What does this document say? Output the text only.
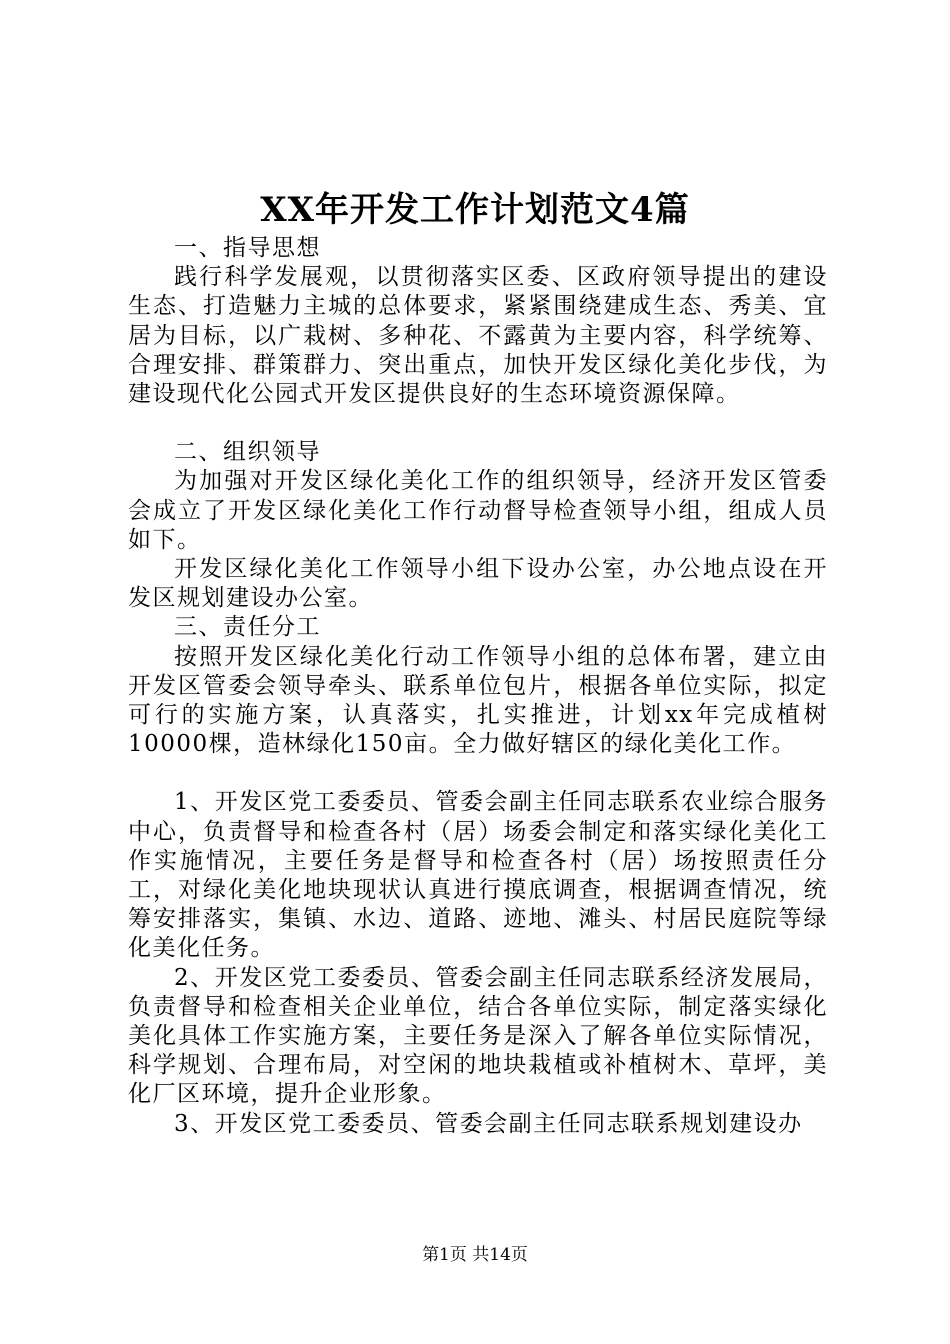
XX年开发工作计划范文4篇

一、指导思想

践行科学发展观，以贯彻落实区委、区政府领导提出的建设生态、打造魅力主城的总体要求，紧紧围绕建成生态、秀美、宜居为目标，以广栽树、多种花、不露黄为主要内容，科学统筹、合理安排、群策群力、突出重点，加快开发区绿化美化步伐，为建设现代化公园式开发区提供良好的生态环境资源保障。

二、组织领导

为加强对开发区绿化美化工作的组织领导，经济开发区管委会成立了开发区绿化美化工作行动督导检查领导小组，组成人员如下。

开发区绿化美化工作领导小组下设办公室，办公地点设在开发区规划建设办公室。

三、责任分工

按照开发区绿化美化行动工作领导小组的总体布署，建立由开发区管委会领导牵头、联系单位包片，根据各单位实际，拟定可行的实施方案，认真落实，扎实推进，计划xx年完成植树10000棵，造林绿化150亩。全力做好辖区的绿化美化工作。

1、开发区党工委委员、管委会副主任同志联系农业综合服务中心，负责督导和检查各村（居）场委会制定和落实绿化美化工作实施情况，主要任务是督导和检查各村（居）场按照责任分工，对绿化美化地块现状认真进行摸底调查，根据调查情况，统筹安排落实，集镇、水边、道路、迹地、滩头、村居民庭院等绿化美化任务。

2、开发区党工委委员、管委会副主任同志联系经济发展局，负责督导和检查相关企业单位，结合各单位实际，制定落实绿化美化具体工作实施方案，主要任务是深入了解各单位实际情况，科学规划、合理布局，对空闲的地块栽植或补植树木、草坪，美化厂区环境，提升企业形象。

3、开发区党工委委员、管委会副主任同志联系规划建设办

第1页 共14页
